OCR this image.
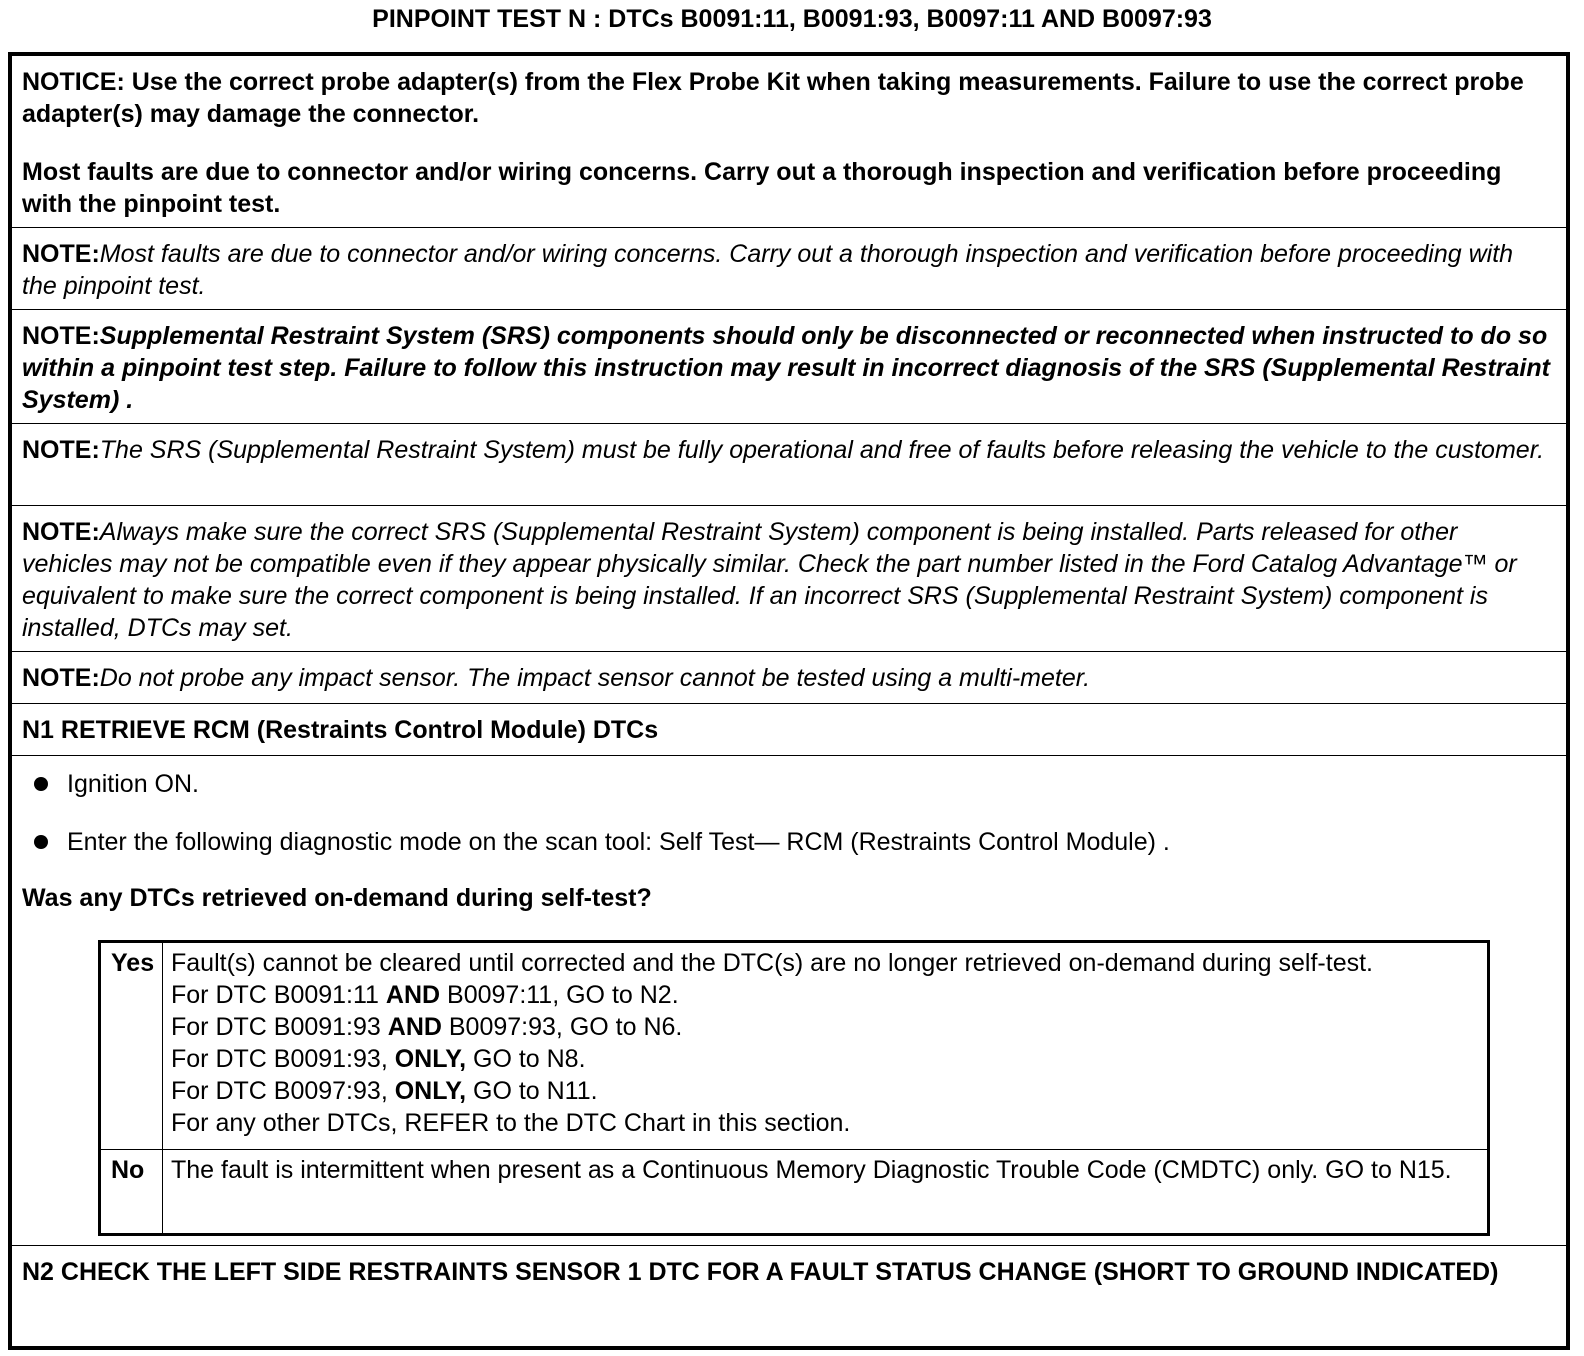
PINPOINT TEST N : DTCs B0091:11, B0091:93, B0097:11 AND B0097:93

NOTICE: Use the correct probe adapter(s) from the Flex Probe Kit when taking measurements. Failure to use the correct probe adapter(s) may damage the connector.

Most faults are due to connector and/or wiring concerns. Carry out a thorough inspection and verification before proceeding with the pinpoint test.

NOTE:Most faults are due to connector and/or wiring concerns. Carry out a thorough inspection and verification before proceeding with the pinpoint test.
NOTE:Supplemental Restraint System (SRS) components should only be disconnected or reconnected when instructed to do so within a pinpoint test step. Failure to follow this instruction may result in incorrect diagnosis of the SRS (Supplemental Restraint System) .
NOTE:The SRS (Supplemental Restraint System) must be fully operational and free of faults before releasing the vehicle to the customer.
NOTE:Always make sure the correct SRS (Supplemental Restraint System) component is being installed. Parts released for other vehicles may not be compatible even if they appear physically similar. Check the part number listed in the Ford Catalog Advantage™ or equivalent to make sure the correct component is being installed. If an incorrect SRS (Supplemental Restraint System) component is installed, DTCs may set.
NOTE:Do not probe any impact sensor. The impact sensor cannot be tested using a multi-meter.
N1 RETRIEVE RCM (Restraints Control Module) DTCs
Ignition ON.
Enter the following diagnostic mode on the scan tool: Self Test— RCM (Restraints Control Module) .
Was any DTCs retrieved on-demand during self-test?
Yes Fault(s) cannot be cleared until corrected and the DTC(s) are no longer retrieved on-demand during self-test.
For DTC B0091:11 AND B0097:11, GO to N2.
For DTC B0091:93 AND B0097:93, GO to N6.
For DTC B0091:93, ONLY, GO to N8.
For DTC B0097:93, ONLY, GO to N11.
For any other DTCs, REFER to the DTC Chart in this section.
No	The fault is intermittent when present as a Continuous Memory Diagnostic Trouble Code (CMDTC) only. GO to N15.
N2 CHECK THE LEFT SIDE RESTRAINTS SENSOR 1 DTC FOR A FAULT STATUS CHANGE (SHORT TO GROUND INDICATED)
